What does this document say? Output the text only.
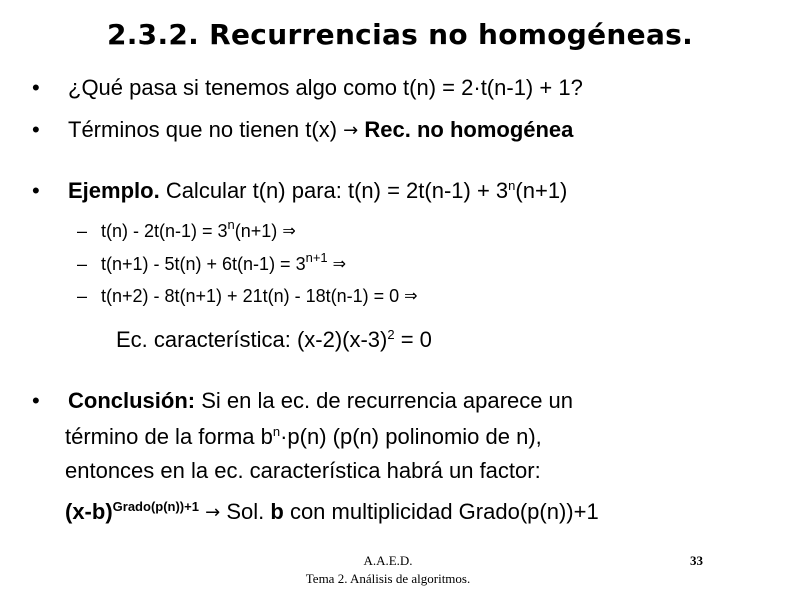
2.3.2. Recurrencias no homogéneas.
• ¿Qué pasa si tenemos algo como t(n) = 2·t(n-1) + 1?
• Términos que no tienen t(x) → Rec. no homogénea
• Ejemplo. Calcular t(n) para: $t(n) = 2t(n-1) + 3^n(n+1)$
– $t(n) - 2t(n-1) = 3^n(n+1)$ ⇒
– $t(n+1) - 5t(n) + 6t(n-1) = 3^{n+1}$ ⇒
– t(n+2) - 8t(n+1) + 21t(n) - 18t(n-1) = 0 ⇒
Ec. característica: $(x-2)(x-3)^2 = 0$
• Conclusión: Si en la ec. de recurrencia aparece un
término de la forma $b^n\cdot p(n)$ (p(n) polinomio de n),
entonces en la ec. característica habrá un factor:
$(x-b)^{Grado(p(n))+1}$ → Sol. b con multiplicidad Grado(p(n))+1
A.A.E.D.
Tema 2. Análisis de algoritmos.
33
